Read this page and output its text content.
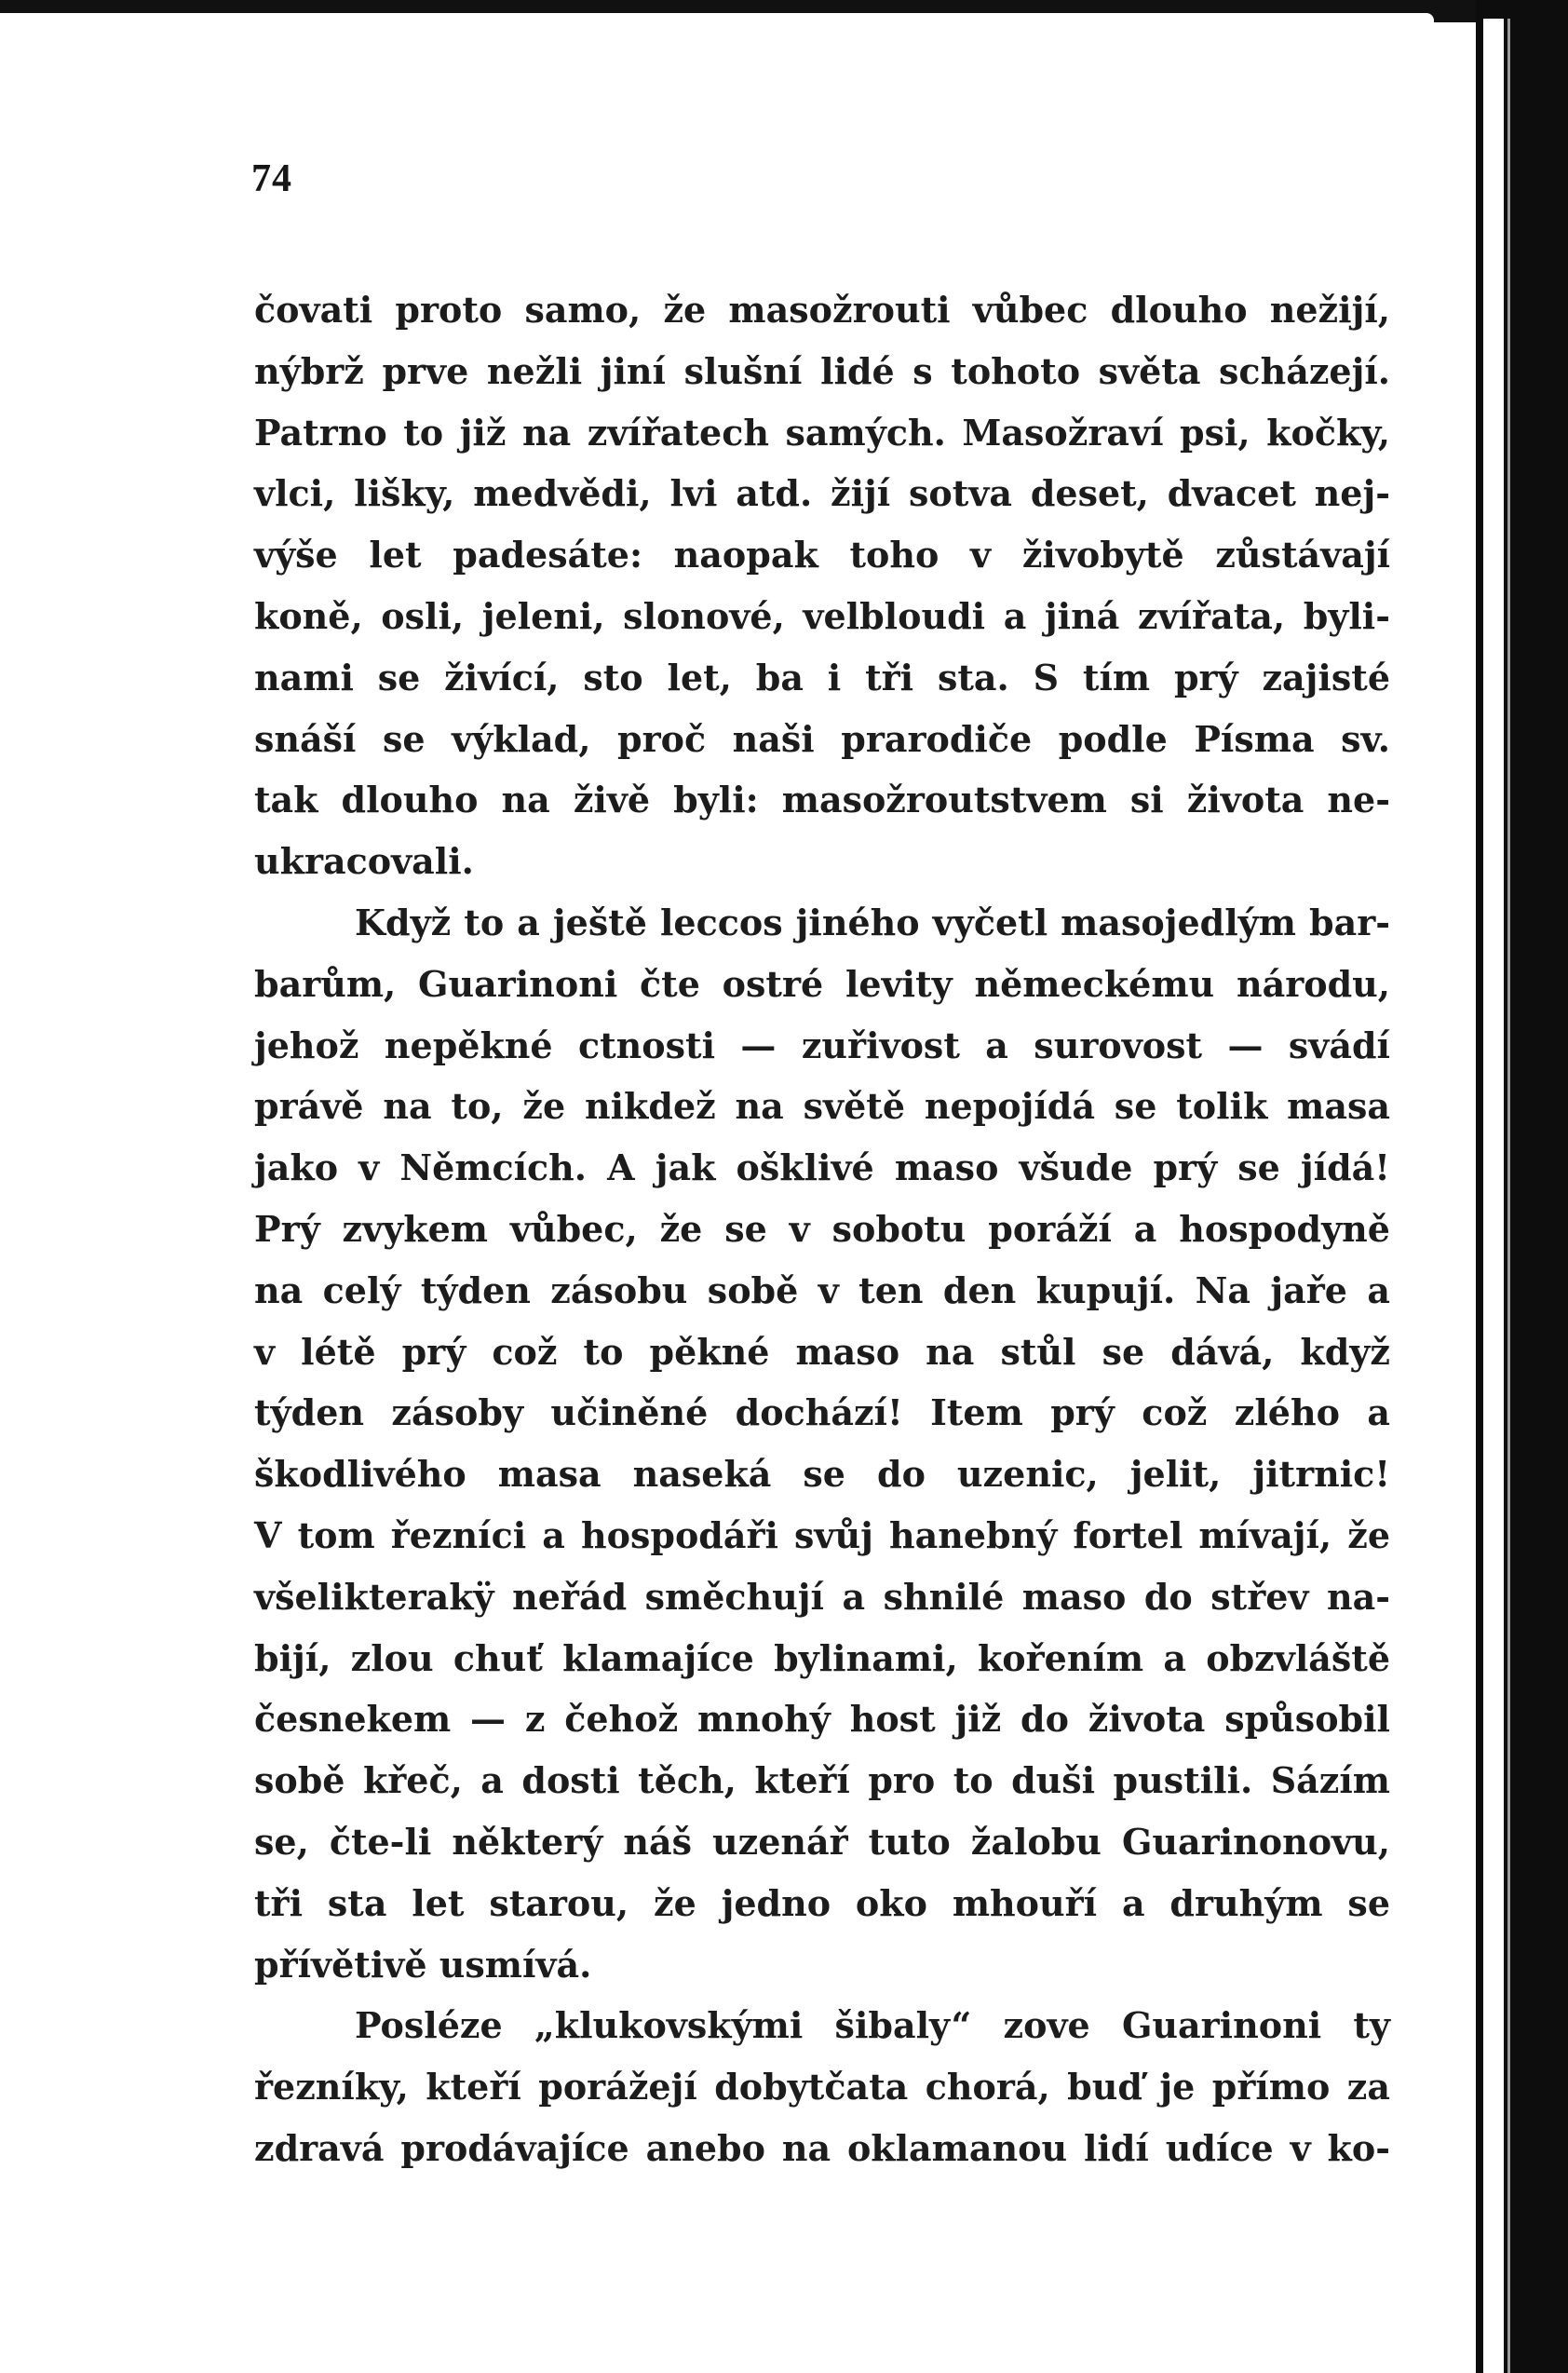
74
čovati proto samo, že masožrouti vůbec dlouho nežijí,
nýbrž prve nežli jiní slušní lidé s tohoto světa scházejí.
Patrno to již na zvířatech samých. Masožraví psi, kočky,
vlci, lišky, medvědi, lvi atd. žijí sotva deset, dvacet nej-
výše let padesáte: naopak toho v živobytě zůstávají
koně, osli, jeleni, slonové, velbloudi a jiná zvířata, byli-
nami se živící, sto let, ba i tři sta. S tím prý zajisté
snáší se výklad, proč naši prarodiče podle Písma sv.
tak dlouho na živě byli: masožroutstvem si života ne-
ukracovali.
Když to a ještě leccos jiného vyčetl masojedlým bar-
barům, Guarinoni čte ostré levity německému národu,
jehož nepěkné ctnosti — zuřivost a surovost — svádí
právě na to, že nikdež na světě nepojídá se tolik masa
jako v Němcích. A jak ošklivé maso všude prý se jídá!
Prý zvykem vůbec, že se v sobotu poráží a hospodyně
na celý týden zásobu sobě v ten den kupují. Na jaře a
v létě prý což to pěkné maso na stůl se dává, když
týden zásoby učiněné dochází! Item prý což zlého a
škodlivého masa naseká se do uzenic, jelit, jitrnic!
V tom řezníci a hospodáři svůj hanebný fortel mívají, že
všelikterakÿ neřád směchují a shnilé maso do střev na-
bijí, zlou chuť klamajíce bylinami, kořením a obzvláště
česnekem — z čehož mnohý host již do života spůsobil
sobě křeč, a dosti těch, kteří pro to duši pustili. Sázím
se, čte-li některý náš uzenář tuto žalobu Guarinonovu,
tři sta let starou, že jedno oko mhouří a druhým se
přívětivě usmívá.
Posléze „klukovskými šibaly“ zove Guarinoni ty
řezníky, kteří porážejí dobytčata chorá, buď je přímo za
zdravá prodávajíce anebo na oklamanou lidí udíce v ko-
